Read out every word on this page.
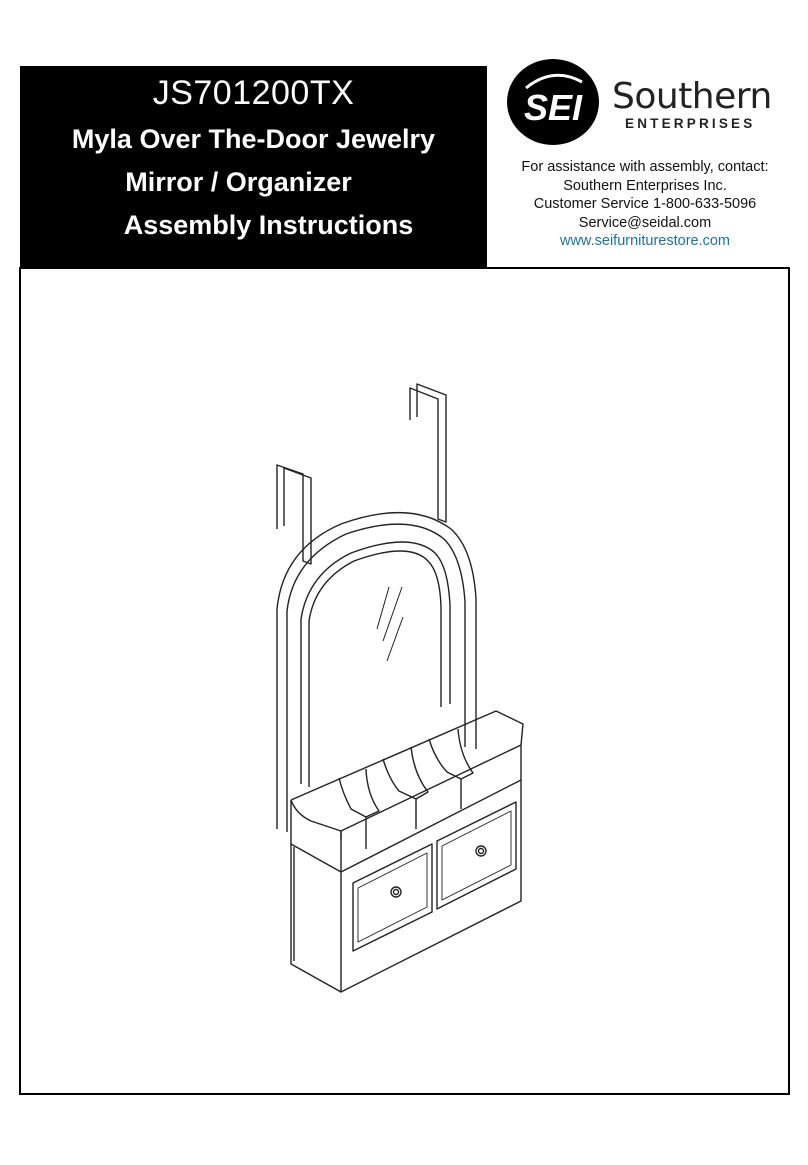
JS701200TX
Myla Over The-Door Jewelry
Mirror / Organizer
Assembly Instructions
SEI Southern
ENTERPRISES
For assistance with assembly, contact:
Southern Enterprises Inc.
Customer Service 1-800-633-5096
Service@seidal.com
www.seifurniturestore.com
